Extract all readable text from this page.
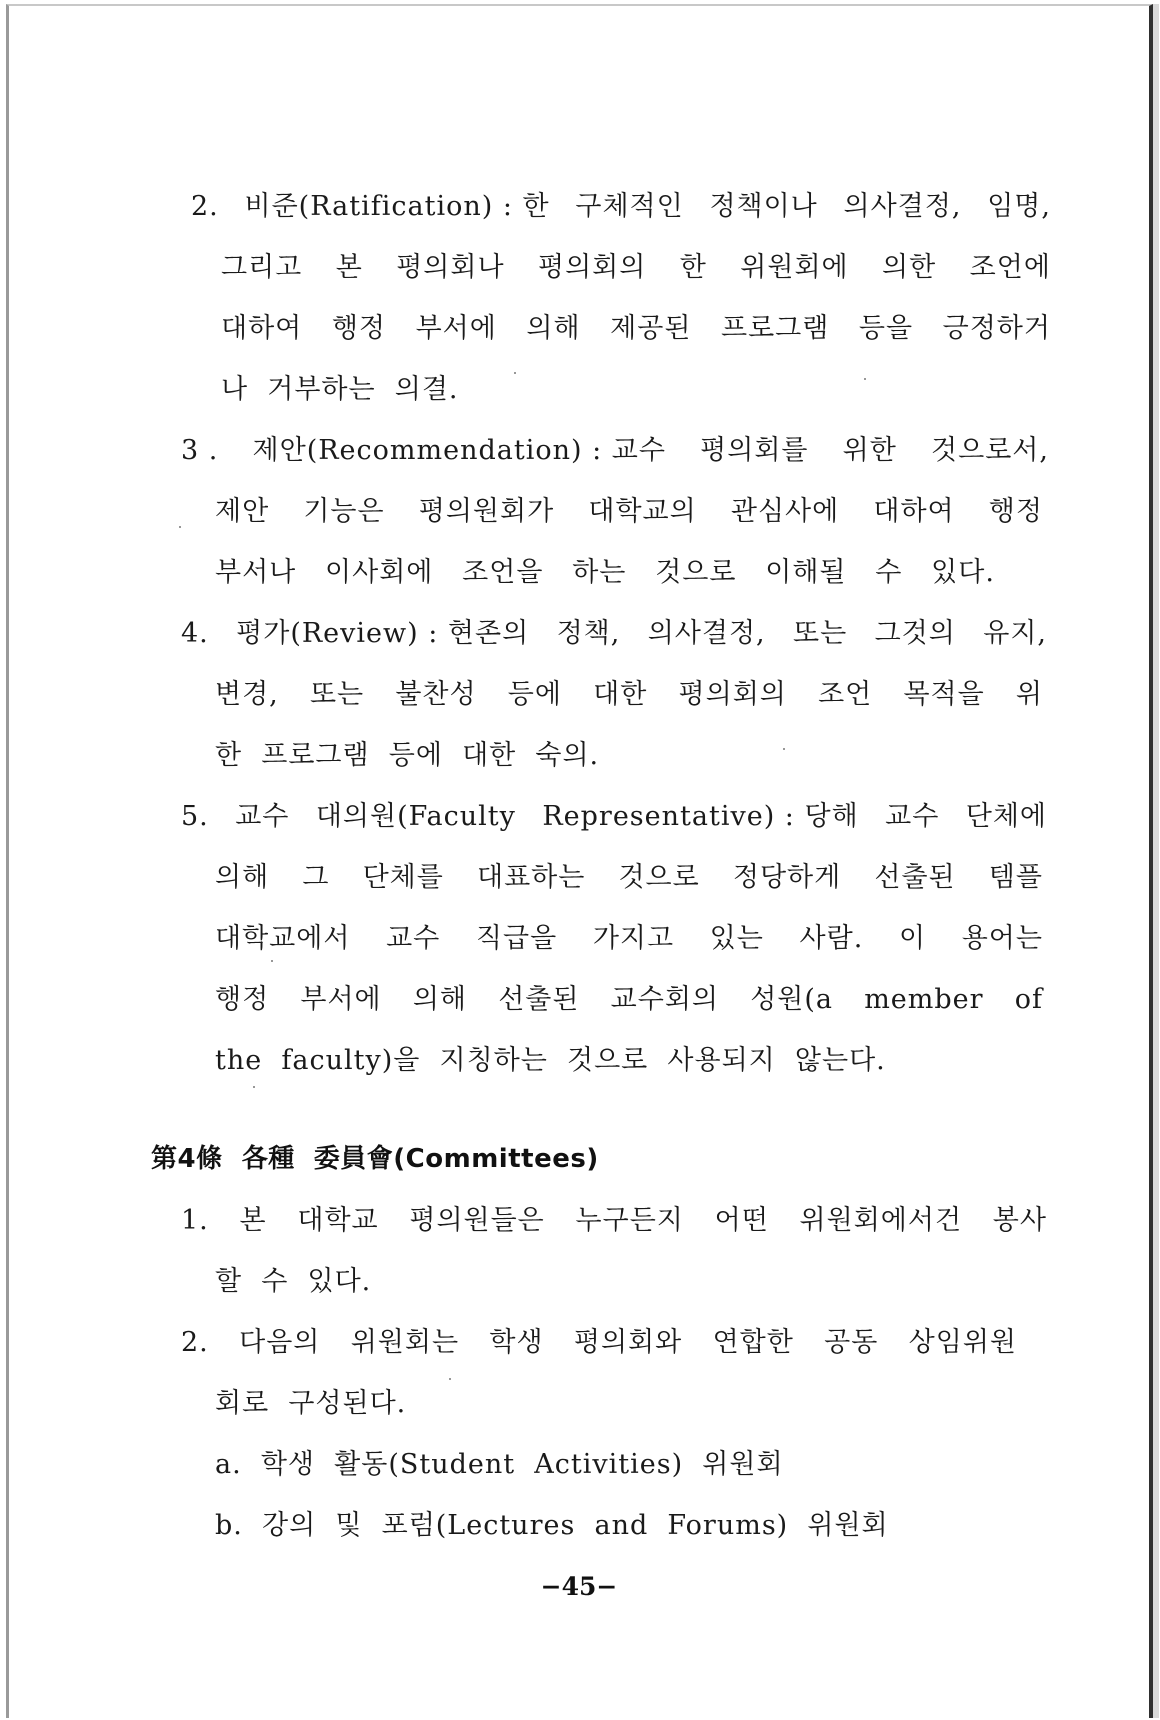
2. 비준(Ratification) : 한 구체적인 정책이나 의사결정, 임명,
그리고 본 평의회나 평의회의 한 위원회에 의한 조언에
대하여 행정 부서에 의해 제공된 프로그램 등을 긍정하거
나  거부하는  의결.
3 . 제안(Recommendation) : 교수 평의회를 위한 것으로서,
제안 기능은 평의원회가 대학교의 관심사에 대하여 행정
부서나 이사회에 조언을 하는 것으로 이해될 수 있다.
4. 평가(Review) : 현존의 정책, 의사결정, 또는 그것의 유지,
변경, 또는 불찬성 등에 대한 평의회의 조언 목적을 위
한  프로그램  등에  대한  숙의.
5. 교수 대의원(Faculty Representative) : 당해 교수 단체에
의해 그 단체를 대표하는 것으로 정당하게 선출된 템플
대학교에서 교수 직급을 가지고 있는 사람. 이 용어는
행정 부서에 의해 선출된 교수회의 성원(a member of
the  faculty)을  지칭하는  것으로  사용되지  않는다.
第4條  各種  委員會(Committees)
1. 본 대학교 평의원들은 누구든지 어떤 위원회에서건 봉사
할  수  있다.
2. 다음의 위원회는 학생 평의회와 연합한 공동 상임위원
회로  구성된다.
a.  학생  활동(Student  Activities)  위원회
b.  강의  및  포럼(Lectures  and  Forums)  위원회
−45−
